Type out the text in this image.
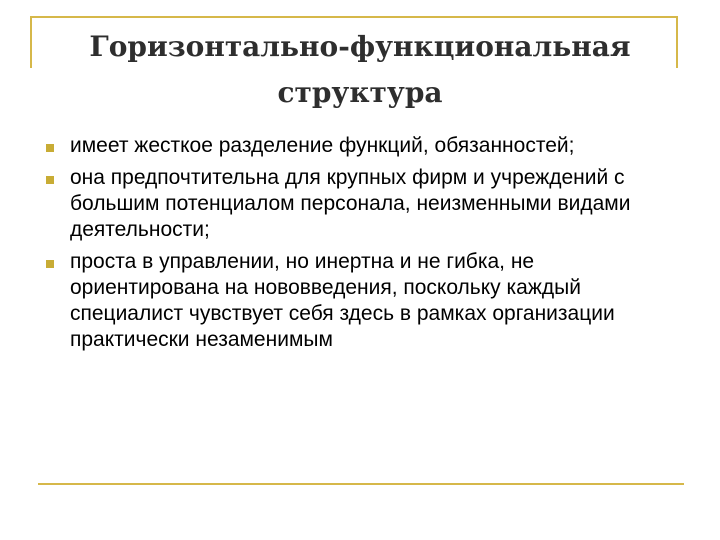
Горизонтально-функциональная структура
имеет жесткое разделение функций, обязанностей;
она предпочтительна для крупных фирм и учреждений с большим потенциалом персонала, неизменными видами деятельности;
проста в управлении, но инертна и не гибка, не ориентирована на нововведения, поскольку каждый специалист чувствует себя здесь в рамках организации практически незаменимым
